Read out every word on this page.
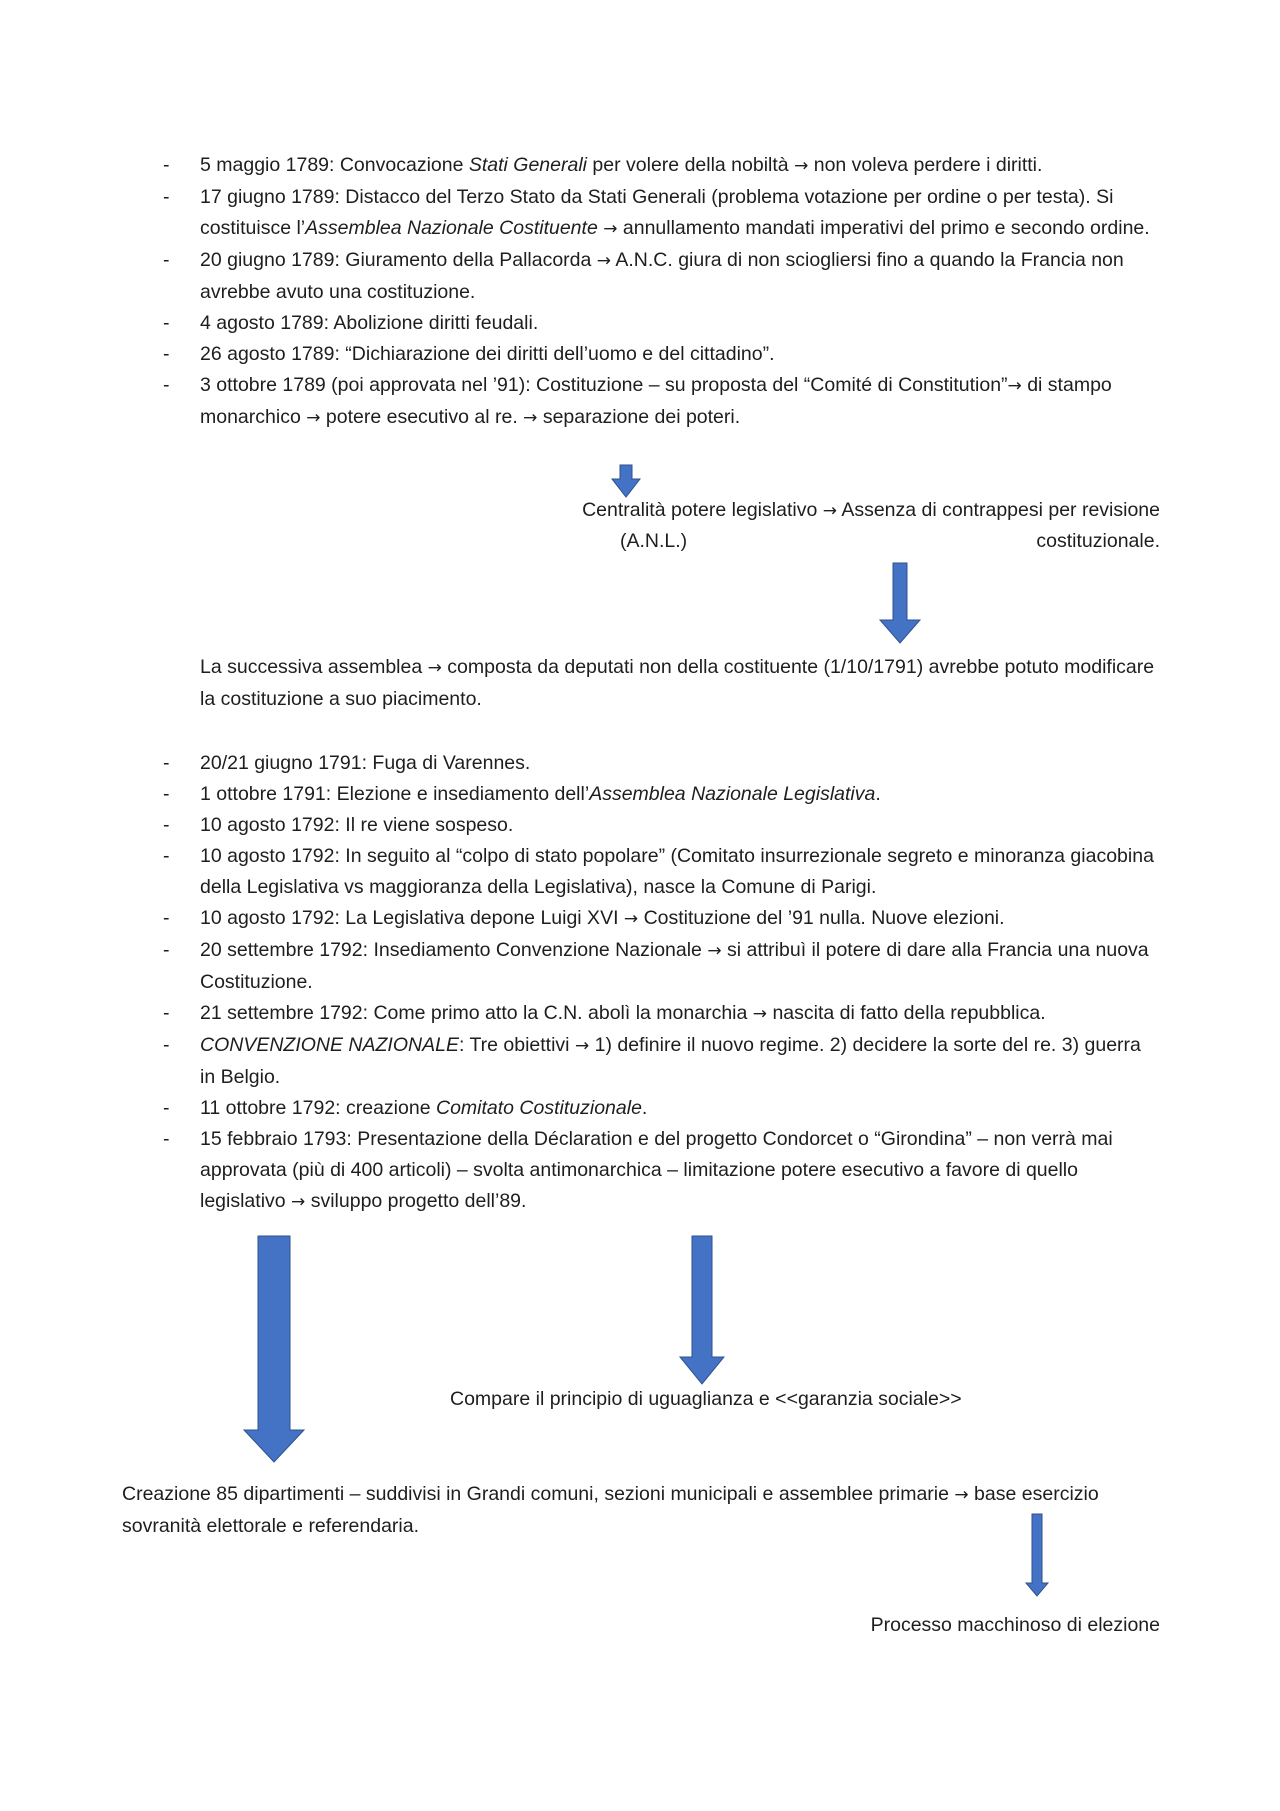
- 5 maggio 1789: Convocazione Stati Generali per volere della nobiltà → non voleva perdere i diritti.
- 17 giugno 1789: Distacco del Terzo Stato da Stati Generali (problema votazione per ordine o per testa). Si costituisce l’Assemblea Nazionale Costituente → annullamento mandati imperativi del primo e secondo ordine.
- 20 giugno 1789: Giuramento della Pallacorda → A.N.C. giura di non sciogliersi fino a quando la Francia non avrebbe avuto una costituzione.
- 4 agosto 1789: Abolizione diritti feudali.
- 26 agosto 1789: “Dichiarazione dei diritti dell’uomo e del cittadino”.
- 3 ottobre 1789 (poi approvata nel ’91): Costituzione – su proposta del “Comité di Constitution”→ di stampo monarchico → potere esecutivo al re. → separazione dei poteri.
Centralità potere legislativo → Assenza di contrappesi per revisione
(A.N.L.)	costituzionale.

La successiva assemblea → composta da deputati non della costituente (1/10/1791) avrebbe potuto modificare la costituzione a suo piacimento.

- 20/21 giugno 1791: Fuga di Varennes.
- 1 ottobre 1791: Elezione e insediamento dell’Assemblea Nazionale Legislativa.
- 10 agosto 1792: Il re viene sospeso.
- 10 agosto 1792: In seguito al “colpo di stato popolare” (Comitato insurrezionale segreto e minoranza giacobina della Legislativa vs maggioranza della Legislativa), nasce la Comune di Parigi.
- 10 agosto 1792: La Legislativa depone Luigi XVI → Costituzione del ’91 nulla. Nuove elezioni.
- 20 settembre 1792: Insediamento Convenzione Nazionale → si attribuì il potere di dare alla Francia una nuova Costituzione.
- 21 settembre 1792: Come primo atto la C.N. abolì la monarchia → nascita di fatto della repubblica.
- CONVENZIONE NAZIONALE: Tre obiettivi → 1) definire il nuovo regime. 2) decidere la sorte del re. 3) guerra in Belgio.
- 11 ottobre 1792: creazione Comitato Costituzionale.
- 15 febbraio 1793: Presentazione della Déclaration e del progetto Condorcet o “Girondina” – non verrà mai approvata (più di 400 articoli) – svolta antimonarchica – limitazione potere esecutivo a favore di quello legislativo → sviluppo progetto dell’89.
Compare il principio di uguaglianza e <<garanzia sociale>>

Creazione 85 dipartimenti – suddivisi in Grandi comuni, sezioni municipali e assemblee primarie → base esercizio sovranità elettorale e referendaria.

Processo macchinoso di elezione
